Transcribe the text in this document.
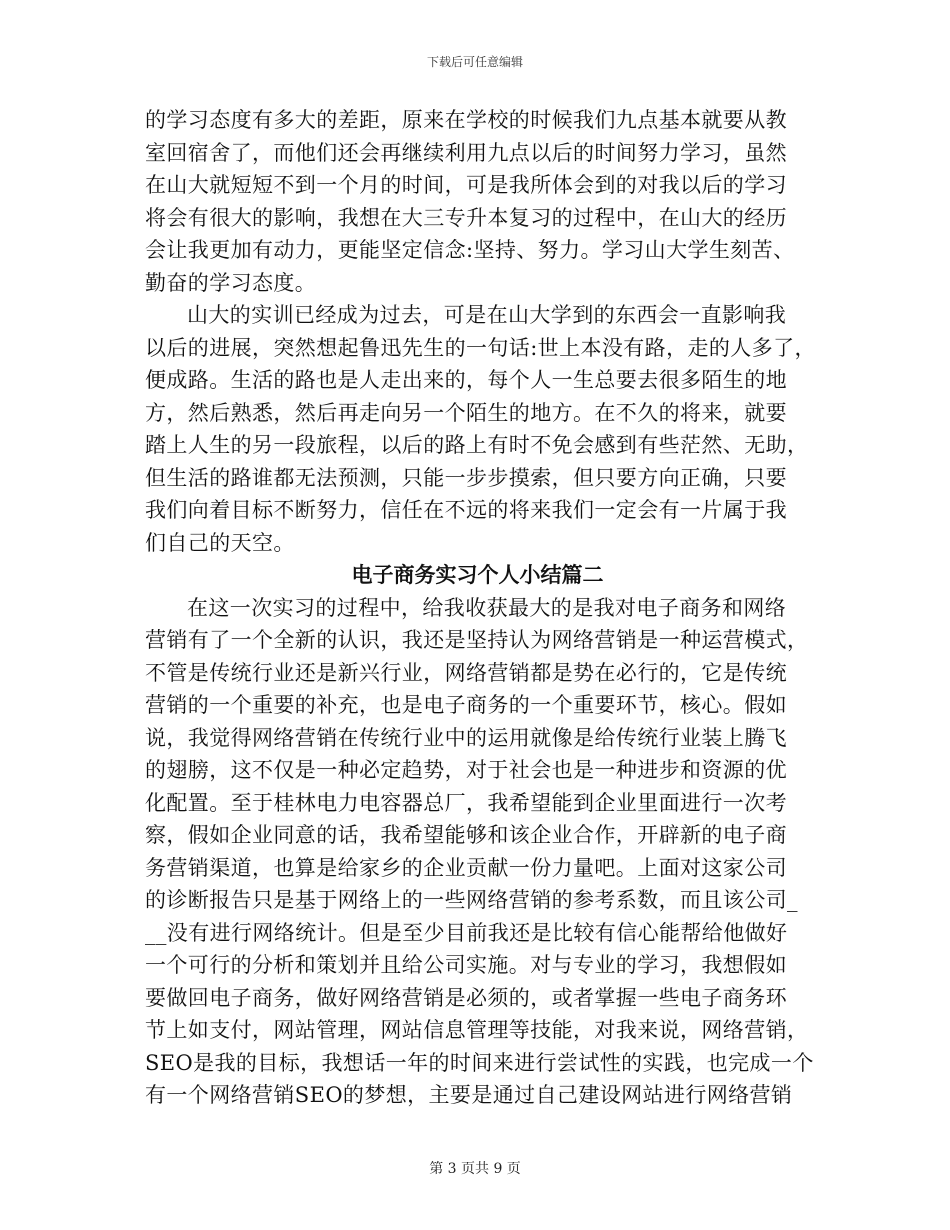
下载后可任意编辑
的学习态度有多大的差距，原来在学校的时候我们九点基本就要从教
室回宿舍了，而他们还会再继续利用九点以后的时间努力学习，虽然
在山大就短短不到一个月的时间，可是我所体会到的对我以后的学习
将会有很大的影响，我想在大三专升本复习的过程中，在山大的经历
会让我更加有动力，更能坚定信念:坚持、努力。学习山大学生刻苦、
勤奋的学习态度。
山大的实训已经成为过去，可是在山大学到的东西会一直影响我
以后的进展，突然想起鲁迅先生的一句话:世上本没有路，走的人多了，
便成路。生活的路也是人走出来的，每个人一生总要去很多陌生的地
方，然后熟悉，然后再走向另一个陌生的地方。在不久的将来，就要
踏上人生的另一段旅程，以后的路上有时不免会感到有些茫然、无助，
但生活的路谁都无法预测，只能一步步摸索，但只要方向正确，只要
我们向着目标不断努力，信任在不远的将来我们一定会有一片属于我
们自己的天空。
电子商务实习个人小结篇二
在这一次实习的过程中，给我收获最大的是我对电子商务和网络
营销有了一个全新的认识，我还是坚持认为网络营销是一种运营模式，
不管是传统行业还是新兴行业，网络营销都是势在必行的，它是传统
营销的一个重要的补充，也是电子商务的一个重要环节，核心。假如
说，我觉得网络营销在传统行业中的运用就像是给传统行业装上腾飞
的翅膀，这不仅是一种必定趋势，对于社会也是一种进步和资源的优
化配置。至于桂林电力电容器总厂，我希望能到企业里面进行一次考
察，假如企业同意的话，我希望能够和该企业合作，开辟新的电子商
务营销渠道，也算是给家乡的企业贡献一份力量吧。上面对这家公司
的诊断报告只是基于网络上的一些网络营销的参考系数，而且该公司_
__没有进行网络统计。但是至少目前我还是比较有信心能帮给他做好
一个可行的分析和策划并且给公司实施。对与专业的学习，我想假如
要做回电子商务，做好网络营销是必须的，或者掌握一些电子商务环
节上如支付，网站管理，网站信息管理等技能，对我来说，网络营销，
SEO是我的目标，我想话一年的时间来进行尝试性的实践，也完成一个
有一个网络营销SEO的梦想，主要是通过自己建设网站进行网络营销
第 3 页共 9 页
